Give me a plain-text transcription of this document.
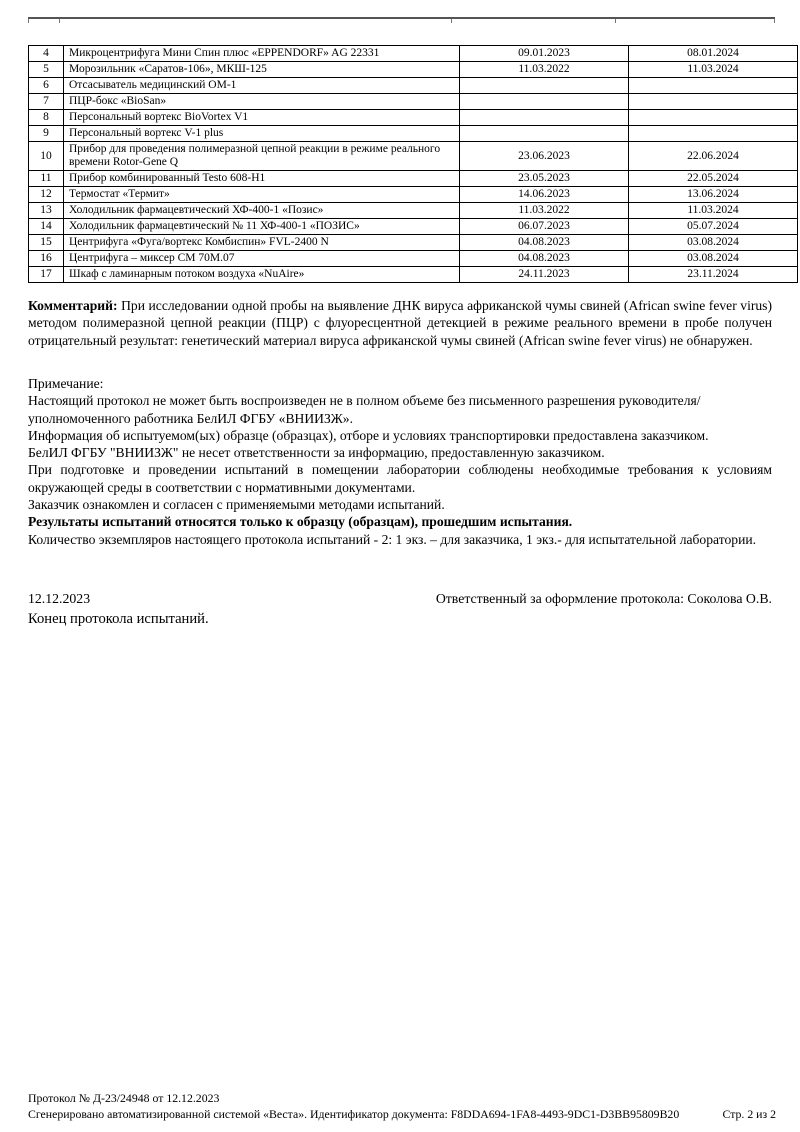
4	Микроцентрифуга Мини Спин плюс «EPPENDORF» AG 22331	09.01.2023	08.01.2024
5	Морозильник «Саратов-106», МКШ-125	11.03.2022	11.03.2024
6	Отсасыватель медицинский ОМ-1		
7	ПЦР-бокс «BioSan»		
8	Персональный вортекс BioVortex V1		
9	Персональный вортекс V-1 plus		
10	Прибор для проведения полимеразной цепной реакции в режиме реального времени Rotor-Gene Q	23.06.2023	22.06.2024
11	Прибор комбинированный Testo 608-H1	23.05.2023	22.05.2024
12	Термостат «Термит»	14.06.2023	13.06.2024
13	Холодильник фармацевтический ХФ-400-1 «Позис»	11.03.2022	11.03.2024
14	Холодильник фармацевтический № 11 ХФ-400-1 «ПОЗИС»	06.07.2023	05.07.2024
15	Центрифуга «Фуга/вортекс Комбиспин» FVL-2400 N	04.08.2023	03.08.2024
16	Центрифуга – миксер СМ 70М.07	04.08.2023	03.08.2024
17	Шкаф с ламинарным потоком воздуха «NuAire»	24.11.2023	23.11.2024

Комментарий: При исследовании одной пробы на выявление ДНК вируса африканской чумы свиней (African swine fever virus) методом полимеразной цепной реакции (ПЦР) с флуоресцентной детекцией в режиме реального времени в пробе получен отрицательный результат: генетический материал вируса африканской чумы свиней (African swine fever virus) не обнаружен.

Примечание:

Настоящий протокол не может быть воспроизведен не в полном объеме без письменного разрешения руководителя/уполномоченного работника БелИЛ ФГБУ «ВНИИЗЖ».

Информация об испытуемом(ых) образце (образцах), отборе и условиях транспортировки предоставлена заказчиком.

БелИЛ ФГБУ "ВНИИЗЖ" не несет ответственности за информацию, предоставленную заказчиком.

При подготовке и проведении испытаний в помещении лаборатории соблюдены необходимые требования к условиям окружающей среды в соответствии с нормативными документами.

Заказчик ознакомлен и согласен с применяемыми методами испытаний.

Результаты испытаний относятся только к образцу (образцам), прошедшим испытания.

Количество экземпляров настоящего протокола испытаний - 2: 1 экз. – для заказчика, 1 экз.- для испытательной лаборатории.

12.12.2023	Ответственный за оформление протокола: Соколова О.В.
Конец протокола испытаний.
Протокол № Д-23/24948 от 12.12.2023
Сгенерировано автоматизированной системой «Веста». Идентификатор документа: F8DDA694-1FA8-4493-9DC1-D3BB95809B20	Стр. 2 из 2
